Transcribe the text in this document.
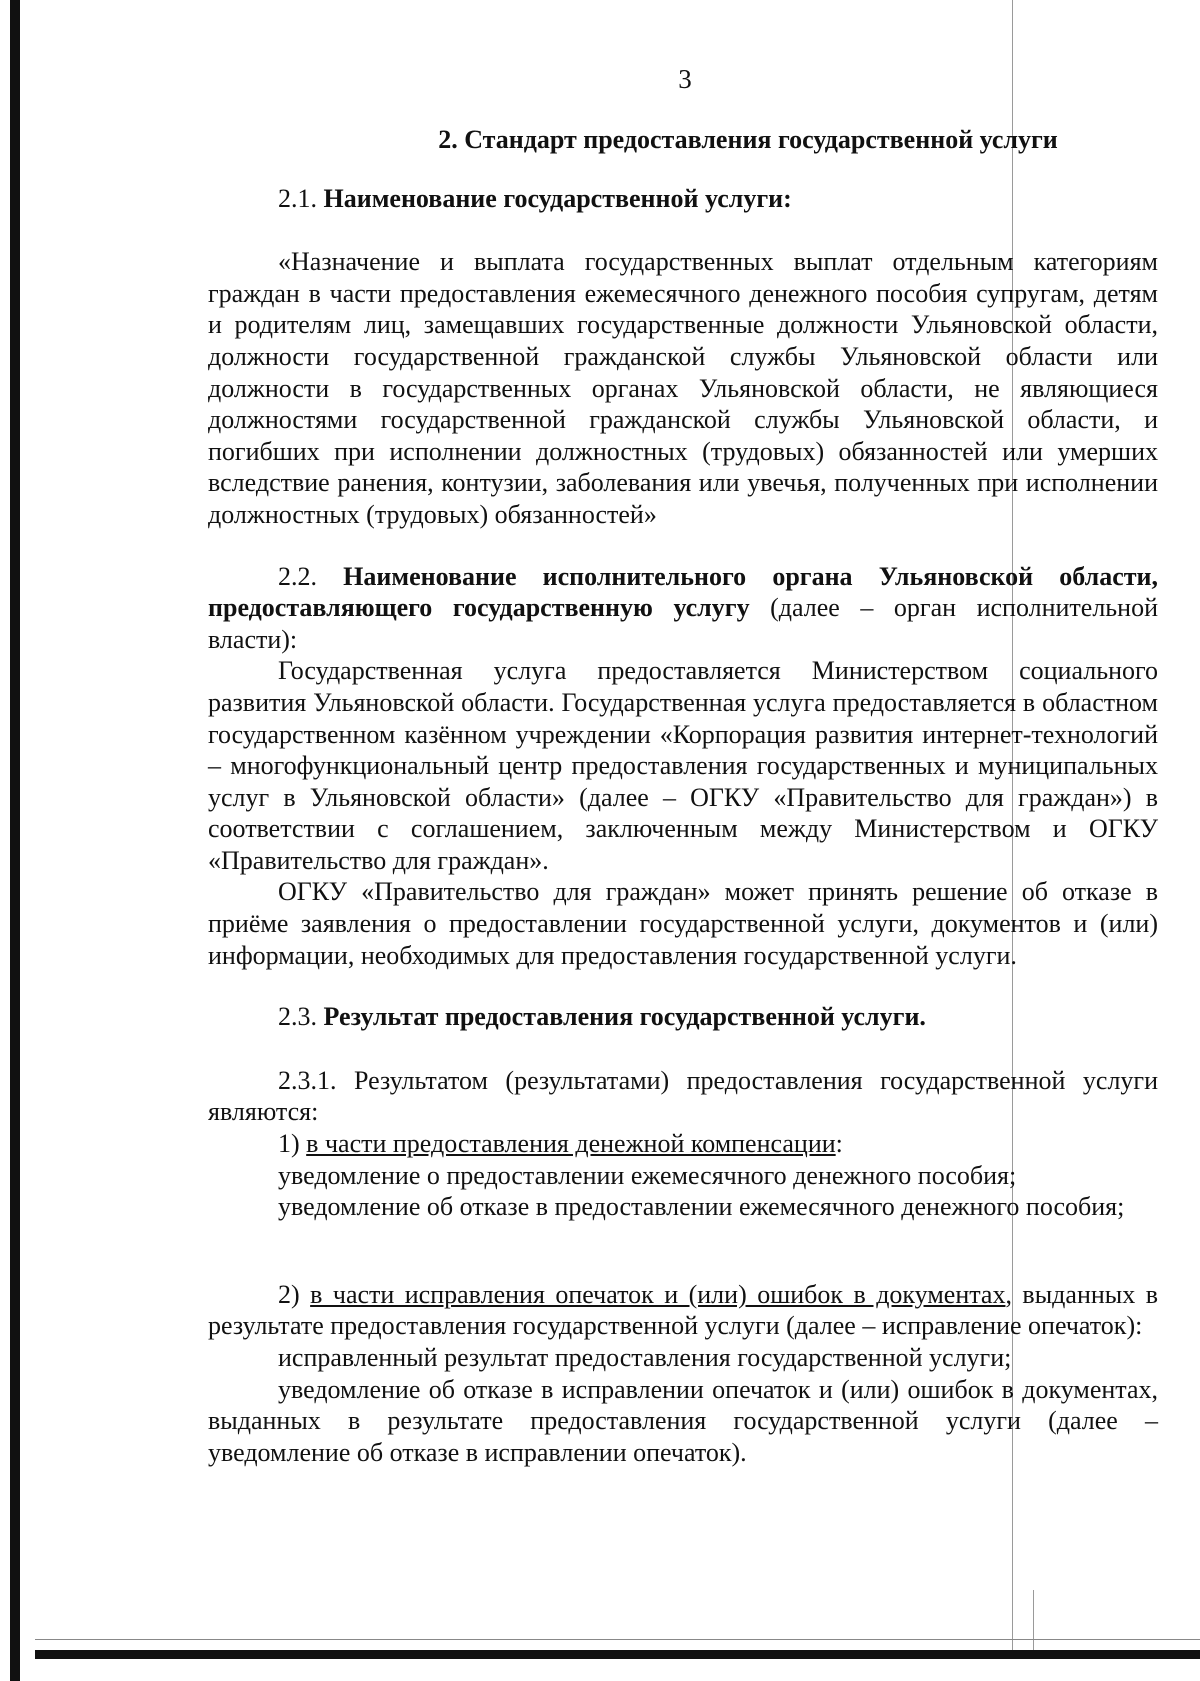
3

2. Стандарт предоставления государственной услуги

2.1. Наименование государственной услуги:

«Назначение и выплата государственных выплат отдельным категориям граждан в части предоставления ежемесячного денежного пособия супругам, детям и родителям лиц, замещавших государственные должности Ульяновской области, должности государственной гражданской службы Ульяновской области или должности в государственных органах Ульяновской области, не являющиеся должностями государственной гражданской службы Ульяновской области, и погибших при исполнении должностных (трудовых) обязанностей или умерших вследствие ранения, контузии, заболевания или увечья, полученных при исполнении должностных (трудовых) обязанностей»

2.2. Наименование исполнительного органа Ульяновской области, предоставляющего государственную услугу (далее – орган исполнительной власти):

Государственная услуга предоставляется Министерством социального развития Ульяновской области. Государственная услуга предоставляется в областном государственном казённом учреждении «Корпорация развития интернет-технологий – многофункциональный центр предоставления государственных и муниципальных услуг в Ульяновской области» (далее – ОГКУ «Правительство для граждан») в соответствии с соглашением, заключенным между Министерством и ОГКУ «Правительство для граждан».

ОГКУ «Правительство для граждан» может принять решение об отказе в приёме заявления о предоставлении государственной услуги, документов и (или) информации, необходимых для предоставления государственной услуги.

2.3. Результат предоставления государственной услуги.

2.3.1. Результатом (результатами) предоставления государственной услуги являются:

1) в части предоставления денежной компенсации:

уведомление о предоставлении ежемесячного денежного пособия;

уведомление об отказе в предоставлении ежемесячного денежного пособия;

2) в части исправления опечаток и (или) ошибок в документах, выданных в результате предоставления государственной услуги (далее – исправление опечаток):

исправленный результат предоставления государственной услуги;

уведомление об отказе в исправлении опечаток и (или) ошибок в документах, выданных в результате предоставления государственной услуги (далее – уведомление об отказе в исправлении опечаток).
